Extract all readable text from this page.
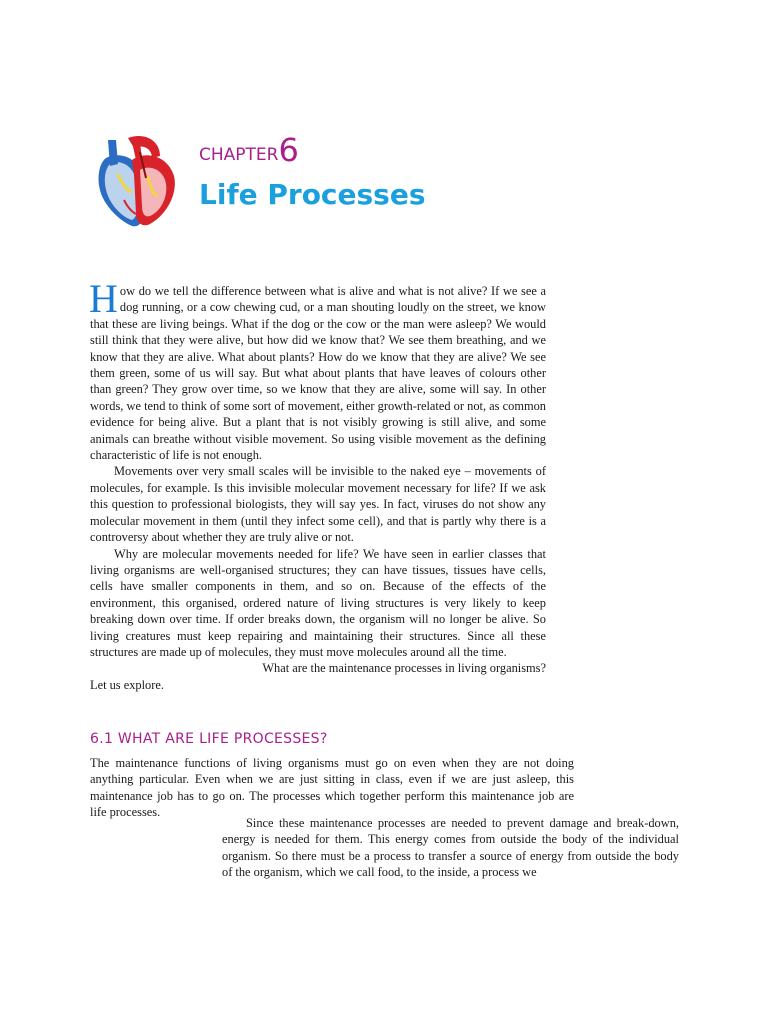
CHAPTER6
Life Processes

How do we tell the difference between what is alive and what is not alive? If we see a dog running, or a cow chewing cud, or a man shouting loudly on the street, we know that these are living beings. What if the dog or the cow or the man were asleep? We would still think that they were alive, but how did we know that? We see them breathing, and we know that they are alive. What about plants? How do we know that they are alive? We see them green, some of us will say. But what about plants that have leaves of colours other than green? They grow over time, so we know that they are alive, some will say. In other words, we tend to think of some sort of movement, either growth-related or not, as common evidence for being alive. But a plant that is not visibly growing is still alive, and some animals can breathe without visible movement. So using visible movement as the defining characteristic of life is not enough.

Movements over very small scales will be invisible to the naked eye – movements of molecules, for example. Is this invisible molecular movement necessary for life? If we ask this question to professional biologists, they will say yes. In fact, viruses do not show any molecular movement in them (until they infect some cell), and that is partly why there is a controversy about whether they are truly alive or not.

Why are molecular movements needed for life? We have seen in earlier classes that living organisms are well-organised structures; they can have tissues, tissues have cells, cells have smaller components in them, and so on. Because of the effects of the environment, this organised, ordered nature of living structures is very likely to keep breaking down over time. If order breaks down, the organism will no longer be alive. So living creatures must keep repairing and maintaining their structures. Since all these structures are made up of molecules, they must move molecules around all the time.

What are the maintenance processes in living organisms?
Let us explore.

6.1 WHAT ARE LIFE PROCESSES?

The maintenance functions of living organisms must go on even when they are not doing anything particular. Even when we are just sitting in class, even if we are just asleep, this maintenance job has to go on. The processes which together perform this maintenance job are life processes.

Since these maintenance processes are needed to prevent damage and break-down, energy is needed for them. This energy comes from outside the body of the individual organism. So there must be a process to transfer a source of energy from outside the body of the organism, which we call food, to the inside, a process we
